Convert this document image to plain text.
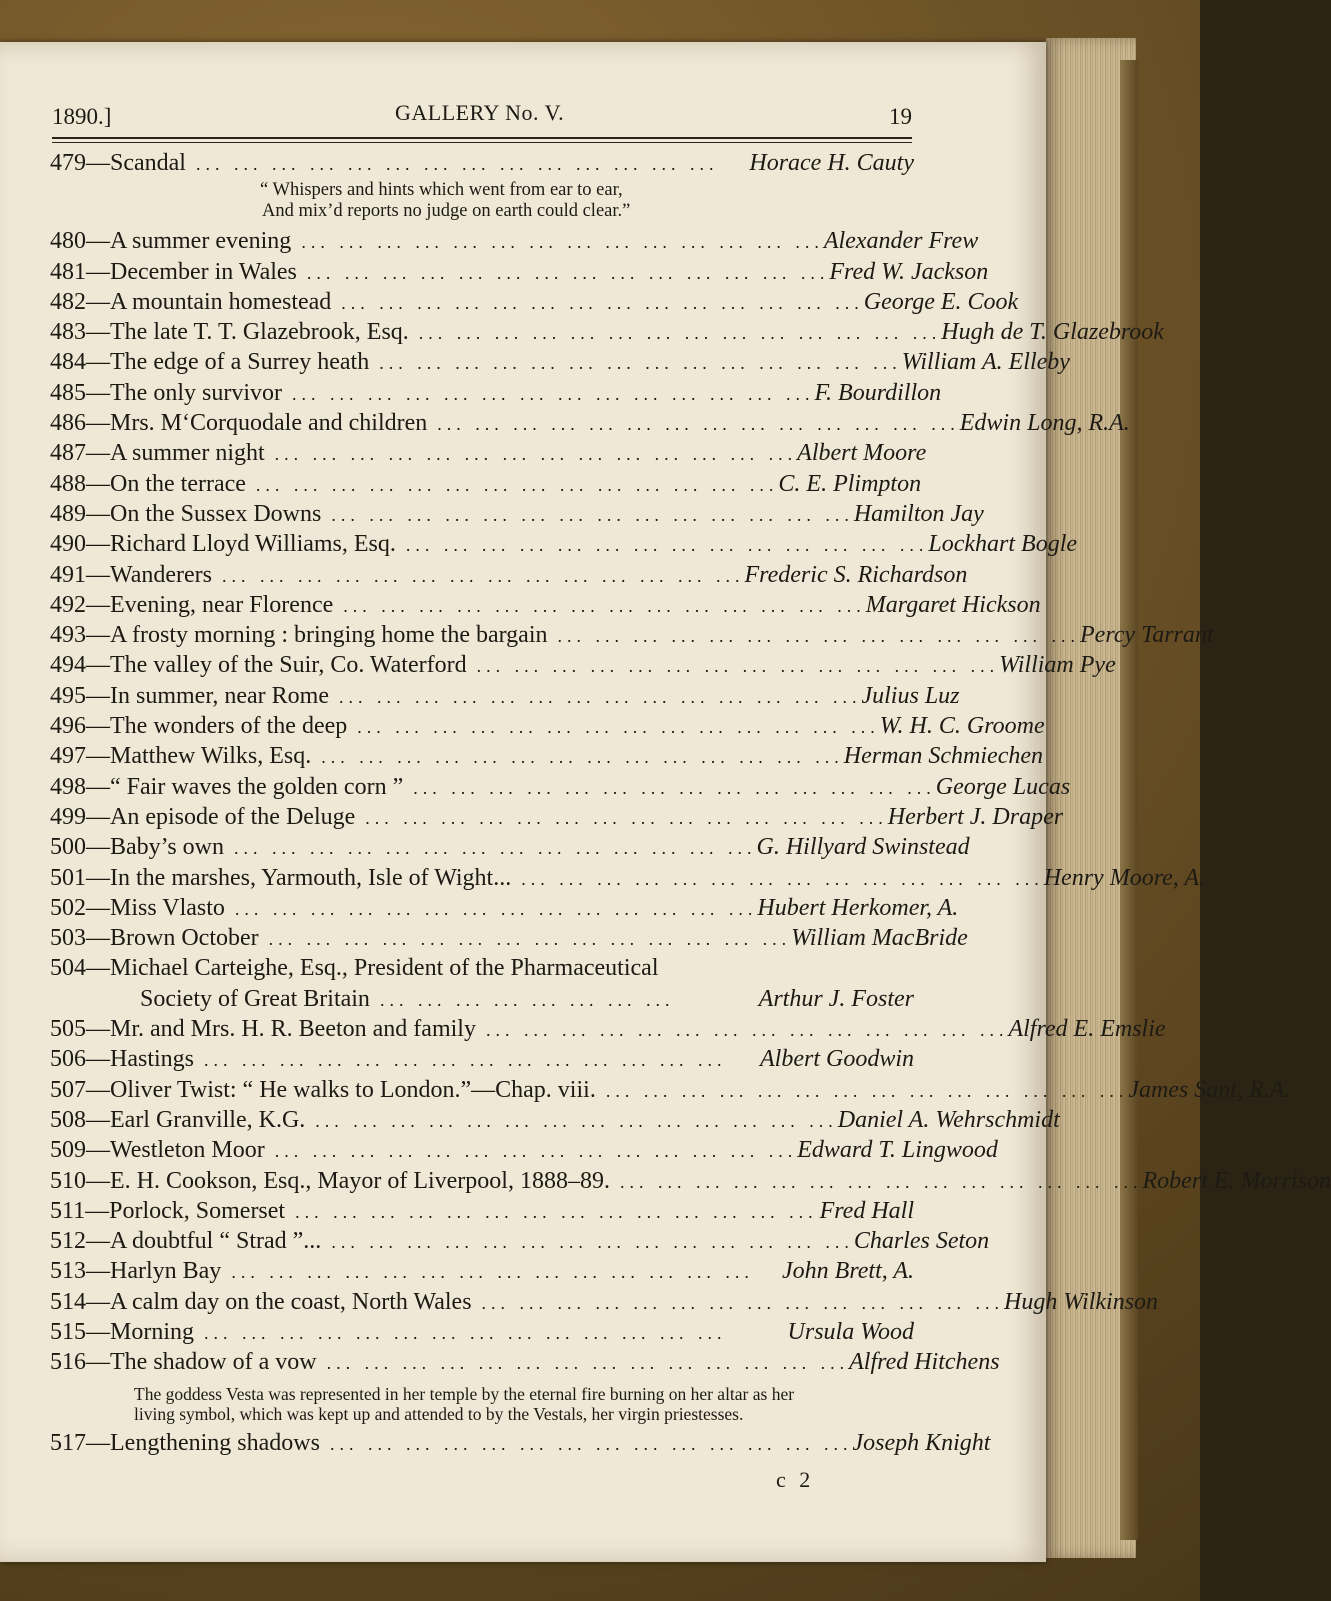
1890.]	GALLERY No. V.	19
479 — Scandal ... ... ... ... ... ... ... ... ... ... ... ... ... ...	Horace H. Cauty
“ Whispers and hints which went from ear to ear,
And mix’d reports no judge on earth could clear.”
480 — A summer evening ... ... ... ... ... ... ... ... ... ... ... ... ... ... Alexander Frew
481 — December in Wales ... ... ... ... ... ... ... ... ... ... ... ... ... ... Fred W. Jackson
482 — A mountain homestead ... ... ... ... ... ... ... ... ... ... ... ... ... ... George E. Cook
483 — The late T. T. Glazebrook, Esq. ... ... ... ... ... ... ... ... ... ... ... ... ... ... Hugh de T. Glazebrook
484 — The edge of a Surrey heath ... ... ... ... ... ... ... ... ... ... ... ... ... ... William A. Elleby
485 — The only survivor ... ... ... ... ... ... ... ... ... ... ... ... ... ... F. Bourdillon
486 — Mrs. M‘Corquodale and children ... ... ... ... ... ... ... ... ... ... ... ... ... ... Edwin Long, R.A.
487 — A summer night ... ... ... ... ... ... ... ... ... ... ... ... ... ... Albert Moore
488 — On the terrace ... ... ... ... ... ... ... ... ... ... ... ... ... ... C. E. Plimpton
489 — On the Sussex Downs ... ... ... ... ... ... ... ... ... ... ... ... ... ... Hamilton Jay
490 — Richard Lloyd Williams, Esq. ... ... ... ... ... ... ... ... ... ... ... ... ... ... Lockhart Bogle
491 — Wanderers ... ... ... ... ... ... ... ... ... ... ... ... ... ... Frederic S. Richardson
492 — Evening, near Florence ... ... ... ... ... ... ... ... ... ... ... ... ... ... Margaret Hickson
493 — A frosty morning : bringing home the bargain ... ... ... ... ... ... ... ... ... ... ... ... ... ... Percy Tarrant
494 — The valley of the Suir, Co. Waterford ... ... ... ... ... ... ... ... ... ... ... ... ... ... William Pye
495 — In summer, near Rome ... ... ... ... ... ... ... ... ... ... ... ... ... ... Julius Luz
496 — The wonders of the deep ... ... ... ... ... ... ... ... ... ... ... ... ... ... W. H. C. Groome
497 — Matthew Wilks, Esq. ... ... ... ... ... ... ... ... ... ... ... ... ... ... Herman Schmiechen
498 — “ Fair waves the golden corn ” ... ... ... ... ... ... ... ... ... ... ... ... ... ... George Lucas
499 — An episode of the Deluge ... ... ... ... ... ... ... ... ... ... ... ... ... ... Herbert J. Draper
500 — Baby’s own ... ... ... ... ... ... ... ... ... ... ... ... ... ... G. Hillyard Swinstead
501 — In the marshes, Yarmouth, Isle of Wight... ... ... ... ... ... ... ... ... ... ... ... ... ... ... Henry Moore, A.
502 — Miss Vlasto ... ... ... ... ... ... ... ... ... ... ... ... ... ... Hubert Herkomer, A.
503 — Brown October ... ... ... ... ... ... ... ... ... ... ... ... ... ... William MacBride
504 — Michael Carteighe, Esq., President of the Pharmaceutical
Society of Great Britain ... ... ... ... ... ... ... ...	Arthur J. Foster
505 — Mr. and Mrs. H. R. Beeton and family ... ... ... ... ... ... ... ... ... ... ... ... ... ... Alfred E. Emslie
506 — Hastings ... ... ... ... ... ... ... ... ... ... ... ... ... ...	Albert Goodwin
507 — Oliver Twist: “ He walks to London.”—Chap. viii. ... ... ... ... ... ... ... ... ... ... ... ... ... ... James Sant, R.A.
508 — Earl Granville, K.G. ... ... ... ... ... ... ... ... ... ... ... ... ... ... Daniel A. Wehrschmidt
509 — Westleton Moor ... ... ... ... ... ... ... ... ... ... ... ... ... ... Edward T. Lingwood
510 — E. H. Cookson, Esq., Mayor of Liverpool, 1888–89. ... ... ... ... ... ... ... ... ... ... ... ... ... ... Robert E. Morrison
511 — Porlock, Somerset ... ... ... ... ... ... ... ... ... ... ... ... ... ... Fred Hall
512 — A doubtful “ Strad ”... ... ... ... ... ... ... ... ... ... ... ... ... ... ... Charles Seton
513 — Harlyn Bay ... ... ... ... ... ... ... ... ... ... ... ... ... ...	John Brett, A.
514 — A calm day on the coast, North Wales ... ... ... ... ... ... ... ... ... ... ... ... ... ... Hugh Wilkinson
515 — Morning ... ... ... ... ... ... ... ... ... ... ... ... ... ...	Ursula Wood
516 — The shadow of a vow ... ... ... ... ... ... ... ... ... ... ... ... ... ... Alfred Hitchens
The goddess Vesta was represented in her temple by the eternal fire burning on her altar as her living symbol, which was kept up and attended to by the Vestals, her virgin priestesses.
517 — Lengthening shadows ... ... ... ... ... ... ... ... ... ... ... ... ... ... Joseph Knight
c 2
